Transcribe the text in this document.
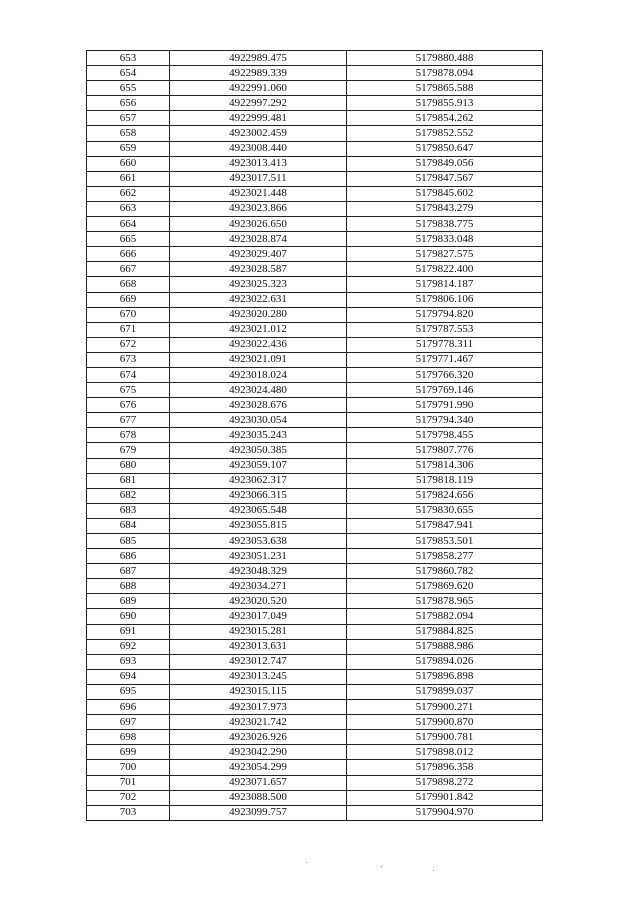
653	4922989.475	5179880.488
654	4922989.339	5179878.094
655	4922991.060	5179865.588
656	4922997.292	5179855.913
657	4922999.481	5179854.262
658	4923002.459	5179852.552
659	4923008.440	5179850.647
660	4923013.413	5179849.056
661	4923017.511	5179847.567
662	4923021.448	5179845.602
663	4923023.866	5179843.279
664	4923026.650	5179838.775
665	4923028.874	5179833.048
666	4923029.407	5179827.575
667	4923028.587	5179822.400
668	4923025.323	5179814.187
669	4923022.631	5179806.106
670	4923020.280	5179794.820
671	4923021.012	5179787.553
672	4923022.436	5179778.311
673	4923021.091	5179771.467
674	4923018.024	5179766.320
675	4923024.480	5179769.146
676	4923028.676	5179791.990
677	4923030.054	5179794.340
678	4923035.243	5179798.455
679	4923050.385	5179807.776
680	4923059.107	5179814.306
681	4923062.317	5179818.119
682	4923066.315	5179824.656
683	4923065.548	5179830.655
684	4923055.815	5179847.941
685	4923053.638	5179853.501
686	4923051.231	5179858.277
687	4923048.329	5179860.782
688	4923034.271	5179869.620
689	4923020.520	5179878.965
690	4923017.049	5179882.094
691	4923015.281	5179884.825
692	4923013.631	5179888.986
693	4923012.747	5179894.026
694	4923013.245	5179896.898
695	4923015.115	5179899.037
696	4923017.973	5179900.271
697	4923021.742	5179900.870
698	4923026.926	5179900.781
699	4923042.290	5179898.012
700	4923054.299	5179896.358
701	4923071.657	5179898.272
702	4923088.500	5179901.842
703	4923099.757	5179904.970
